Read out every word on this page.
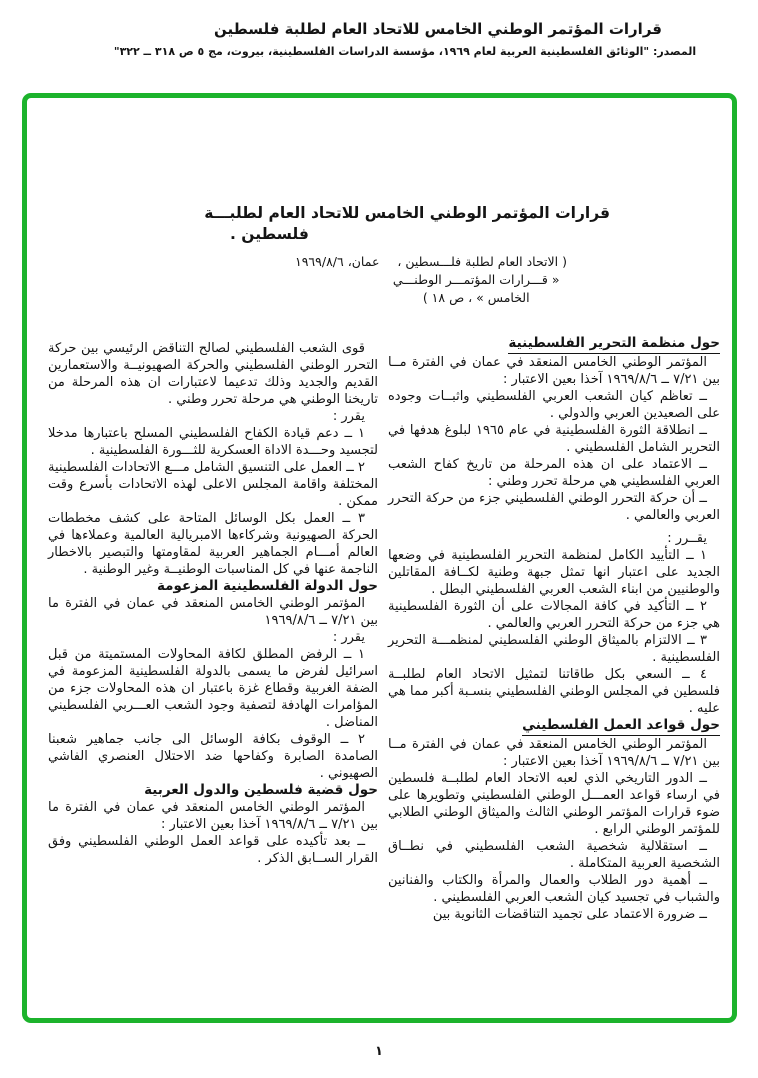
قرارات المؤتمر الوطني الخامس للاتحاد العام لطلبة فلسطين
المصدر: "الوثائق الفلسطينية العربية لعام ١٩٦٩، مؤسسة الدراسات الفلسطينية، بيروت، مج ٥ ص ٣١٨ ــ ٣٢٢"
قرارات المؤتمر الوطني الخامس للاتحاد العام لطلبـــة
فلسطين .
( الاتحاد العام لطلبة فلـــسطين ،
« قـــرارات المؤتمـــر الوطنـــي
الخامس » ، ص ١٨ )
عمان، ١٩٦٩/٨/٦
حول منظمة التحرير الفلسطينية

المؤتمر الوطني الخامس المنعقد في عمان في الفترة مــا بين ٧/٢١ ــ ١٩٦٩/٨/٦ آخذا بعين الاعتبار :

ــ تعاظم كيان الشعب العربي الفلسطيني واثبــات وجوده على الصعيدين العربي والدولي .

ــ انطلاقة الثورة الفلسطينية في عام ١٩٦٥ لبلوغ هدفها في التحرير الشامل الفلسطيني .

ــ الاعتماد على ان هذه المرحلة من تاريخ كفاح الشعب العربي الفلسطيني هي مرحلة تحرر وطني :

ــ أن حركة التحرر الوطني الفلسطيني جزء من حركة التحرر العربي والعالمي .

يقــرر :

١ ــ التأييد الكامل لمنظمة التحرير الفلسطينية في وضعها الجديد على اعتبار انها تمثل جبهة وطنية لكــافة المقاتلين والوطنيين من ابناء الشعب العربي الفلسطيني البطل .

٢ ــ التأكيد في كافة المجالات على أن الثورة الفلسطينية هي جزء من حركة التحرر العربي والعالمي .

٣ ــ الالتزام بالميثاق الوطني الفلسطيني لمنظمـــة التحرير الفلسطينية .

٤ ــ السعي بكل طاقاتنا لتمثيل الاتحاد العام لطلبــة فلسطين في المجلس الوطني الفلسطيني بنسـبة أكبر مما هي عليه .

حول قواعد العمل الفلسطيني

المؤتمر الوطني الخامس المنعقد في عمان في الفترة مــا بين ٧/٢١ ــ ١٩٦٩/٨/٦ آخذا بعين الاعتبار :

ــ الدور التاريخي الذي لعبه الاتحاد العام لطلبــة فلسطين في ارساء قواعد العمـــل الوطني الفلسطيني وتطويرها على ضوء قرارات المؤتمر الوطني الثالث والميثاق الوطني الطلابي للمؤتمر الوطني الرابع .

ــ استقلالية شخصية الشعب الفلسطيني في نطــاق الشخصية العربية المتكاملة .

ــ أهمية دور الطلاب والعمال والمرأة والكتاب والفنانين والشباب في تجسيد كيان الشعب العربي الفلسطيني .

ــ ضرورة الاعتماد على تجميد التناقضات الثانوية بين

قوى الشعب الفلسطيني لصالح التناقض الرئيسي بين حركة التحرر الوطني الفلسطيني والحركة الصهيونيــة والاستعمارين القديم والجديد وذلك تدعيما لاعتبارات ان هذه المرحلة من تاريخنا الوطني هي مرحلة تحرر وطني .

يقرر :

١ ــ دعم قيادة الكفاح الفلسطيني المسلح باعتبارها مدخلا لتجسيد وحـــدة الاداة العسكرية للثـــورة الفلسطينية .

٢ ــ العمل على التنسيق الشامل مـــع الاتحادات الفلسطينية المختلفة واقامة المجلس الاعلى لهذه الاتحادات بأسرع وقت ممكن .

٣ ــ العمل بكل الوسائل المتاحة على كشف مخططات الحركة الصهيونية وشركاءها الامبريالية العالمية وعملاءها في العالم أمـــام الجماهير العربية لمقاومتها والتبصير بالاخطار الناجمة عنها في كل المناسبات الوطنيــة وغير الوطنية .

حول الدولة الفلسطينية المزعومة

المؤتمر الوطني الخامس المنعقد في عمان في الفترة ما بين ٧/٢١ ــ ١٩٦٩/٨/٦

يقرر :

١ ــ الرفض المطلق لكافة المحاولات المستميتة من قبل اسرائيل لفرض ما يسمى بالدولة الفلسطينية المزعومة في الضفة الغربية وقطاع غزة باعتبار ان هذه المحاولات جزء من المؤامرات الهادفة لتصفية وجود الشعب العـــربي الفلسطيني المناضل .

٢ ــ الوقوف بكافة الوسائل الى جانب جماهير شعبنا الصامدة الصابرة وكفاحها ضد الاحتلال العنصري الفاشي الصهيوني .

حول قضية فلسطين والدول العربية

المؤتمر الوطني الخامس المنعقد في عمان في الفترة ما بين ٧/٢١ ــ ١٩٦٩/٨/٦ آخذا بعين الاعتبار :

ــ بعد تأكيده على قواعد العمل الوطني الفلسطيني وفق القرار الســابق الذكر .

١
